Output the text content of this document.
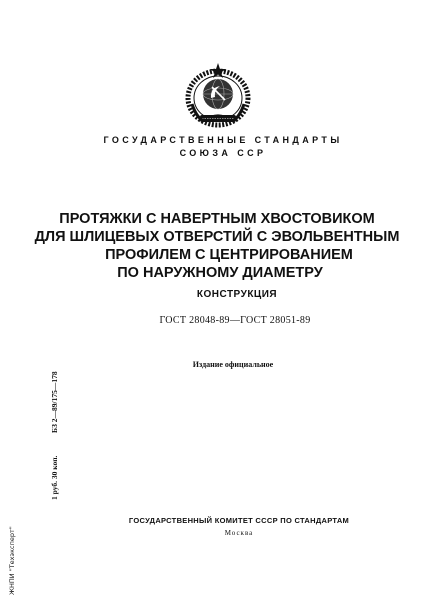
ГОСУДАРСТВЕННЫЕ СТАНДАРТЫ
СОЮЗА ССР
ПРОТЯЖКИ С НАВЕРТНЫМ ХВОСТОВИКОМ
ДЛЯ ШЛИЦЕВЫХ ОТВЕРСТИЙ С ЭВОЛЬВЕНТНЫМ
ПРОФИЛЕМ С ЦЕНТРИРОВАНИЕМ
ПО НАРУЖНОМУ ДИАМЕТРУ
КОНСТРУКЦИЯ
ГОСТ 28048-89—ГОСТ 28051-89
Издание официальное
1 руб. 30 коп.
БЗ 2—89/175—178
ЖНПИ "Техэксперт"
ГОСУДАРСТВЕННЫЙ КОМИТЕТ СССР ПО СТАНДАРТАМ
Москва
